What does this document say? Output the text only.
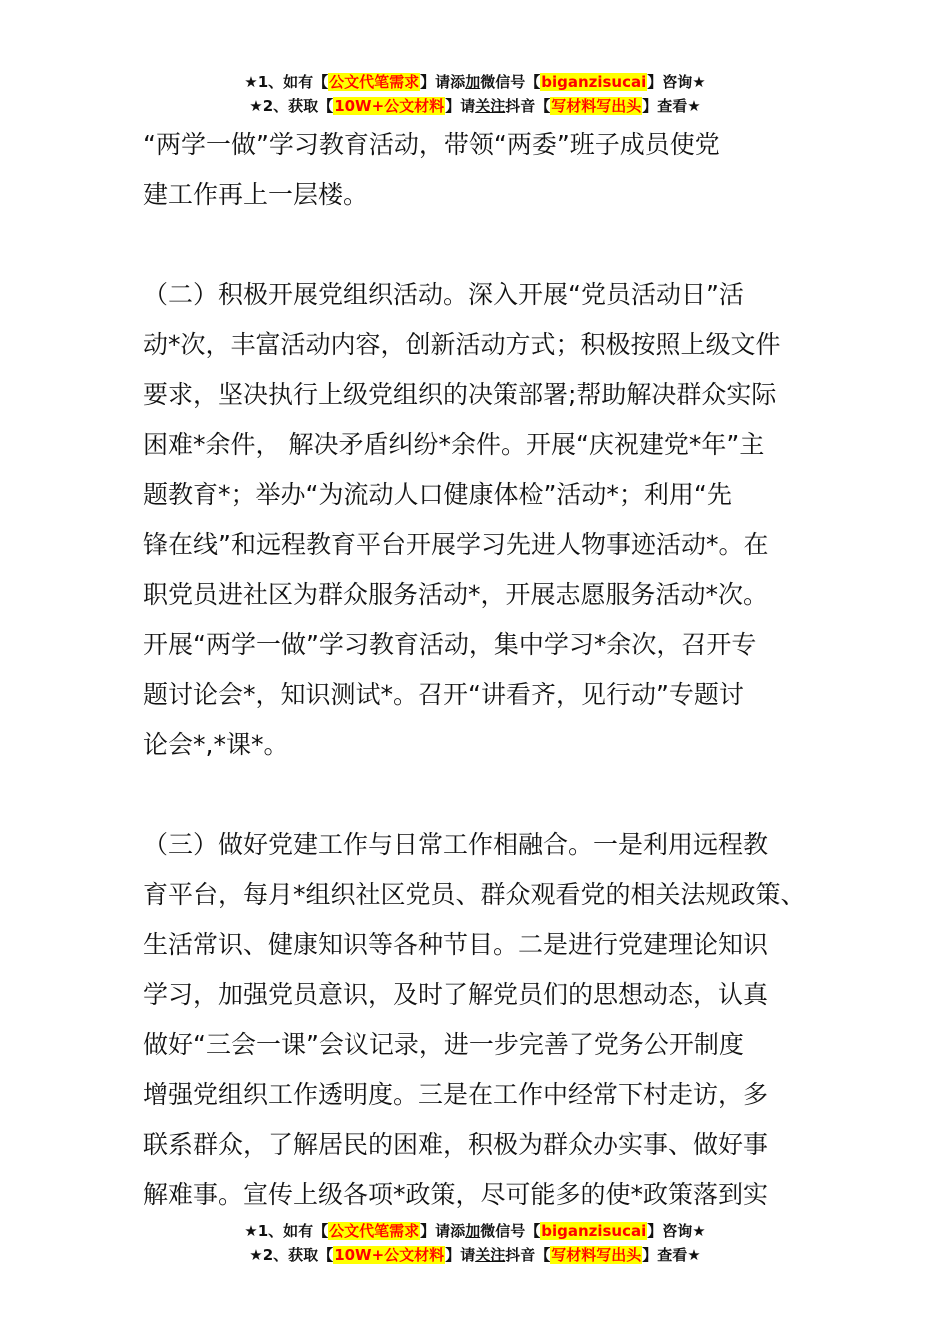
★1、如有【公文代笔需求】请添加微信号【biganzisucai】咨询★
★2、获取【10W+公文材料】请关注抖音【写材料写出头】查看★
“两学一做”学习教育活动，带领“两委”班子成员使党
建工作再上一层楼。
（二）积极开展党组织活动。深入开展“党员活动日”活
动*次，丰富活动内容，创新活动方式；积极按照上级文件
要求，坚决执行上级党组织的决策部署;帮助解决群众实际
困难*余件， 解决矛盾纠纷*余件。开展“庆祝建党*年”主
题教育*；举办“为流动人口健康体检”活动*；利用“先
锋在线”和远程教育平台开展学习先进人物事迹活动*。在
职党员进社区为群众服务活动*，开展志愿服务活动*次。
开展“两学一做”学习教育活动，集中学习*余次，召开专
题讨论会*，知识测试*。召开“讲看齐，见行动”专题讨
论会*,*课*。
（三）做好党建工作与日常工作相融合。一是利用远程教
育平台，每月*组织社区党员、群众观看党的相关法规政策、
生活常识、健康知识等各种节目。二是进行党建理论知识
学习，加强党员意识，及时了解党员们的思想动态，认真
做好“三会一课”会议记录，进一步完善了党务公开制度
增强党组织工作透明度。三是在工作中经常下村走访，多
联系群众，了解居民的困难，积极为群众办实事、做好事
解难事。宣传上级各项*政策，尽可能多的使*政策落到实
★1、如有【公文代笔需求】请添加微信号【biganzisucai】咨询★
★2、获取【10W+公文材料】请关注抖音【写材料写出头】查看★
